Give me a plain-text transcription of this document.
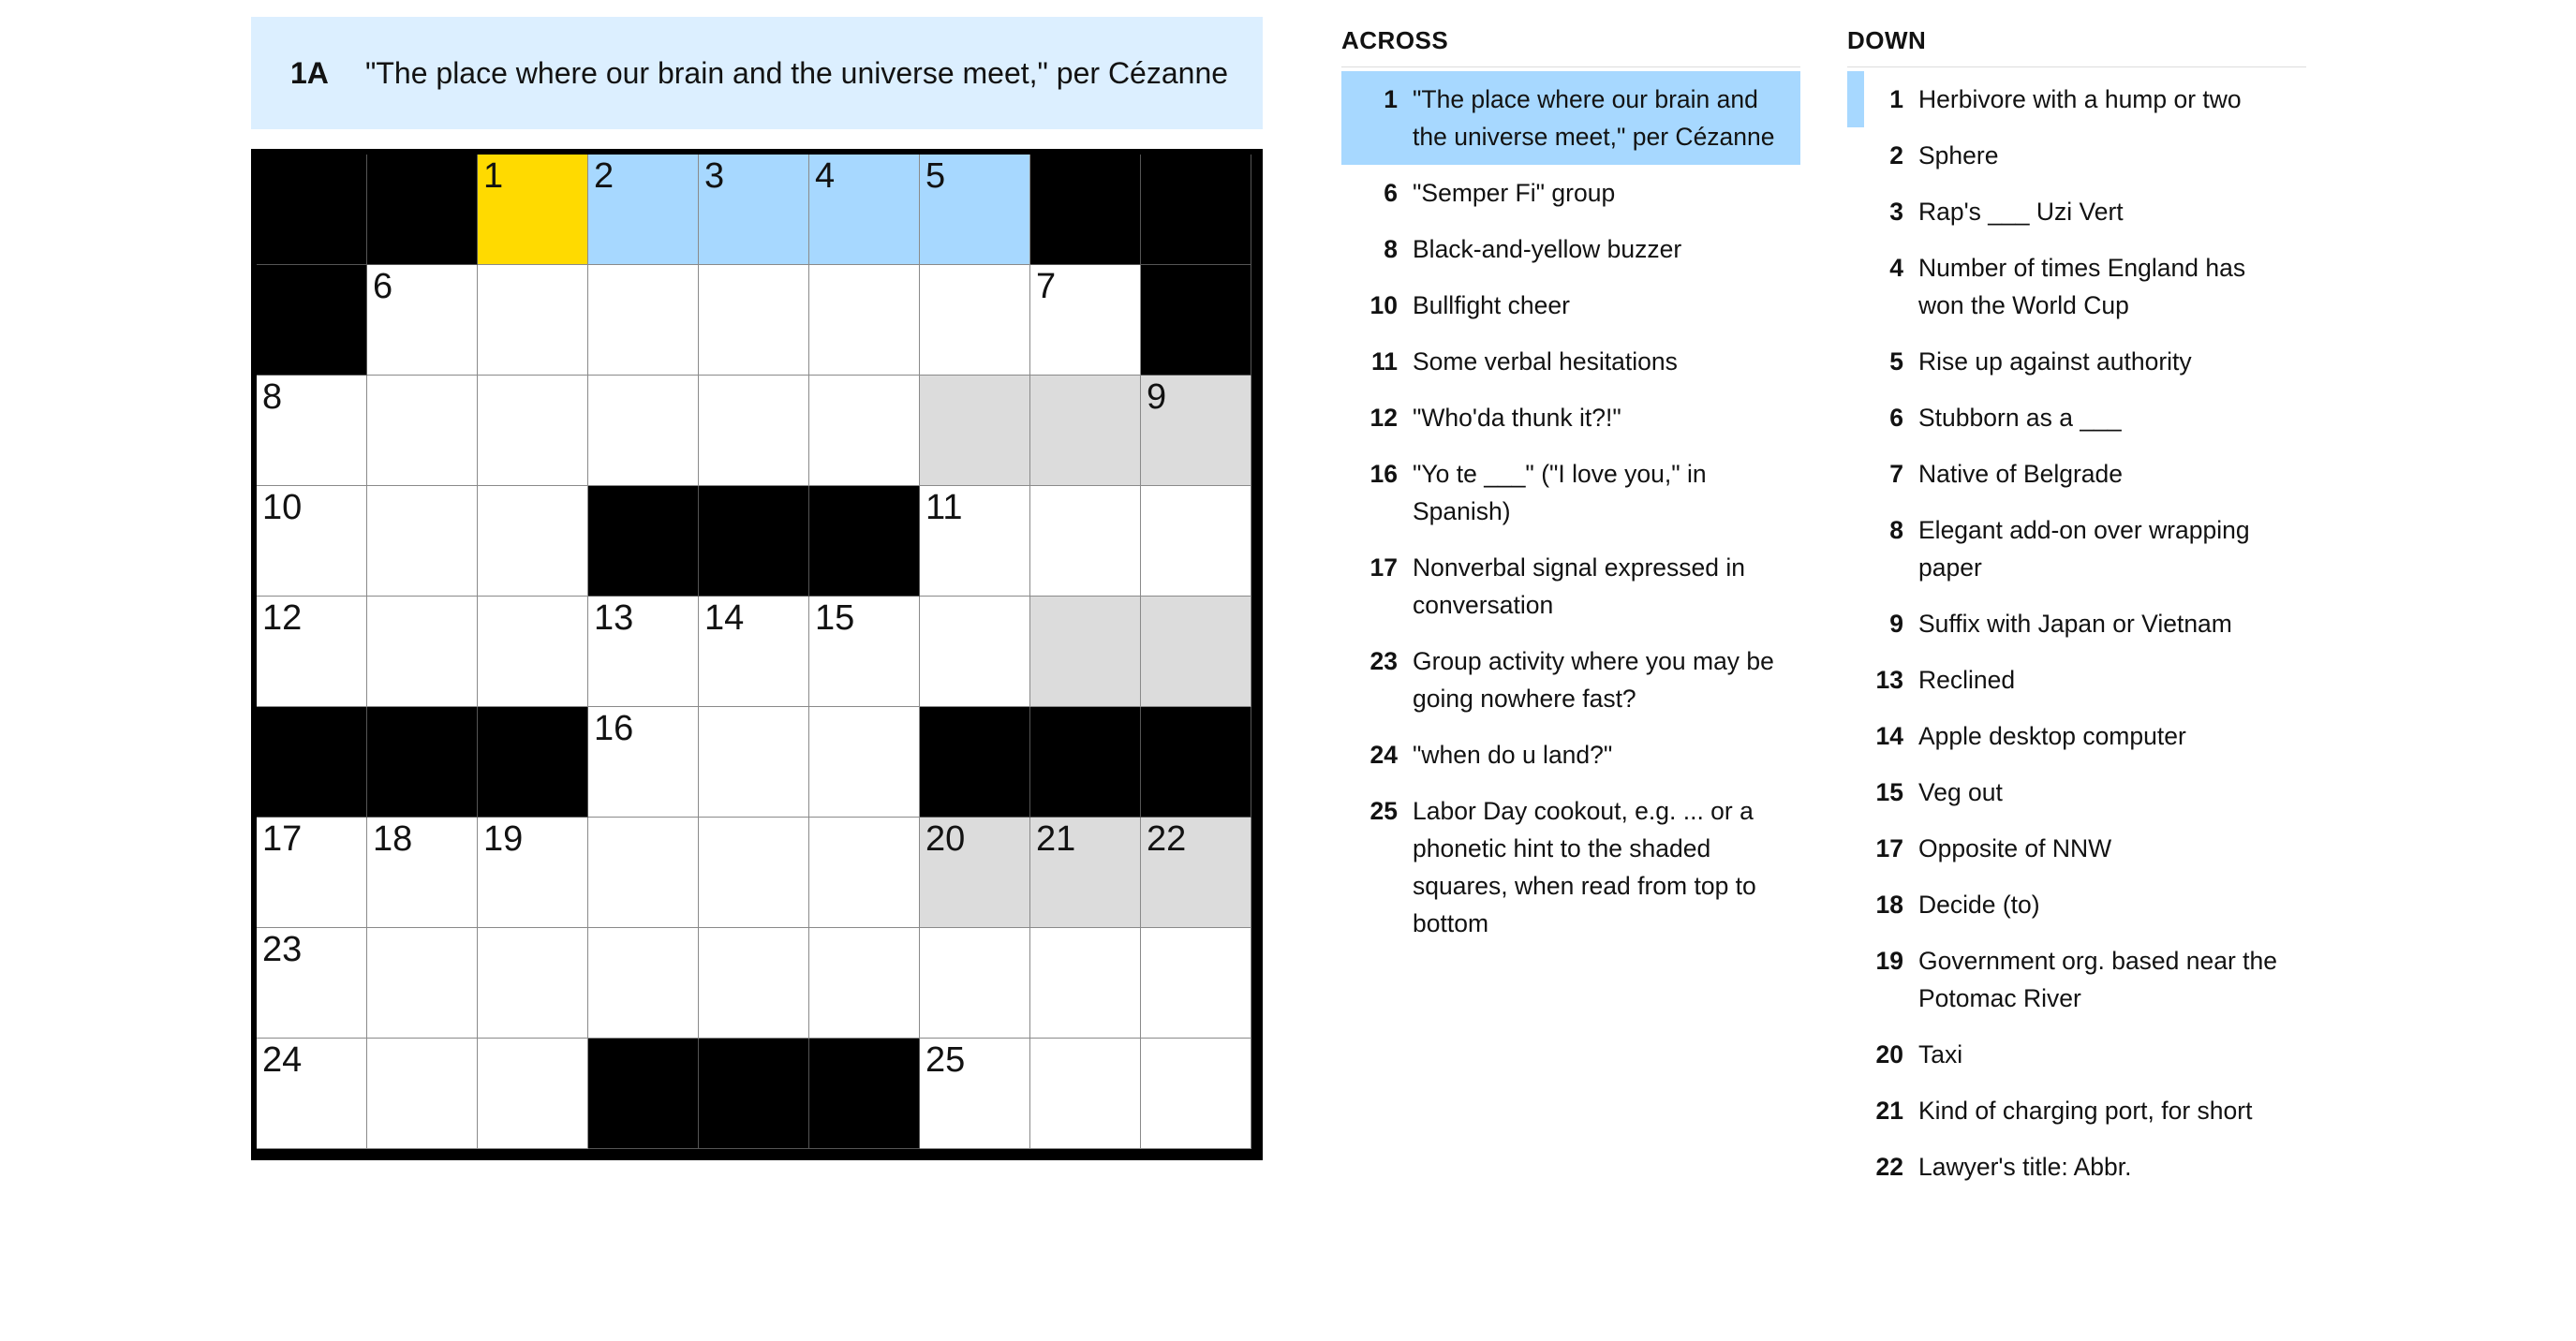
1A	"The place where our brain and the universe meet," per Cézanne
1	2	3	4	5
6	7
8	9
10	11
12	13 14 15
16
17 18 19	20 21 22
23
24	25
ACROSS
1 "The place where our brain and the universe meet," per Cézanne
6 "Semper Fi" group
8 Black-and-yellow buzzer
10 Bullfight cheer
11 Some verbal hesitations
12 "Who'da thunk it?!"
16 "Yo te ___" ("I love you," in Spanish)
17 Nonverbal signal expressed in conversation
23 Group activity where you may be going nowhere fast?
24 "when do u land?"
25 Labor Day cookout, e.g. ... or a phonetic hint to the shaded squares, when read from top to bottom
DOWN
1 Herbivore with a hump or two
2 Sphere
3 Rap's ___ Uzi Vert
4 Number of times England has won the World Cup
5 Rise up against authority
6 Stubborn as a ___
7 Native of Belgrade
8 Elegant add-on over wrapping paper
9 Suffix with Japan or Vietnam
13 Reclined
14 Apple desktop computer
15 Veg out
17 Opposite of NNW
18 Decide (to)
19 Government org. based near the Potomac River
20 Taxi
21 Kind of charging port, for short
22 Lawyer's title: Abbr.
